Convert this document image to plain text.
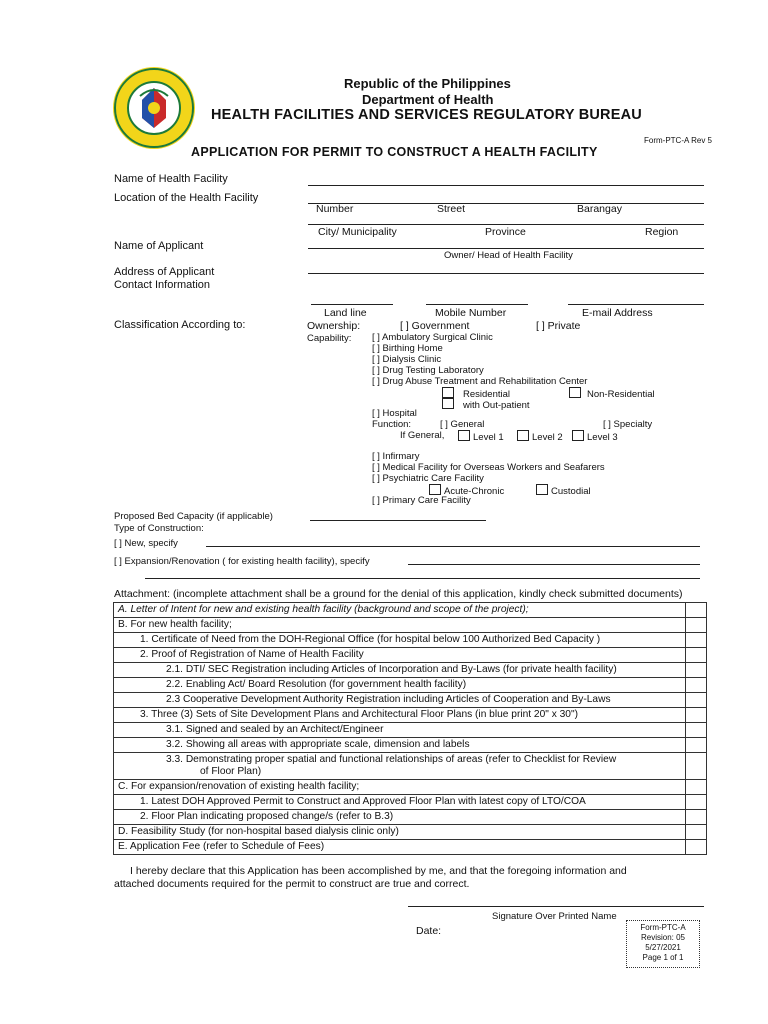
Republic of the Philippines
Department of Health
HEALTH FACILITIES AND SERVICES REGULATORY BUREAU
Form-PTC-A Rev 5
APPLICATION FOR PERMIT TO CONSTRUCT A HEALTH FACILITY
Name of Health Facility
Location of the Health Facility
Number	Street	Barangay
City/ Municipality	Province	Region
Name of Applicant
Owner/ Head of Health Facility
Address of Applicant
Contact Information
Land line	Mobile Number	E-mail Address
Classification According to:	Ownership:	[ ] Government	[ ] Private
Capability: [ ] Ambulatory Surgical Clinic
[ ] Birthing Home
[ ] Dialysis Clinic
[ ] Drug Testing Laboratory
[ ] Drug Abuse Treatment and Rehabilitation Center
Residential	Non-Residential
with Out-patient
[ ] Hospital
Function:	[ ] General	[ ] Specialty
If General,	Level 1	Level 2	Level 3
[ ] Infirmary
[ ] Medical Facility for Overseas Workers and Seafarers
[ ] Psychiatric Care Facility
Acute-Chronic	Custodial
[ ] Primary Care Facility
Proposed Bed Capacity (if applicable)
Type of Construction:
[ ] New, specify
[ ] Expansion/Renovation ( for existing health facility), specify
Attachment: (incomplete attachment shall be a ground for the denial of this application, kindly check submitted documents)
A. Letter of Intent for new and existing health facility (background and scope of the project);	
B. For new health facility;	
1. Certificate of Need from the DOH-Regional Office (for hospital below 100 Authorized Bed Capacity )	
2. Proof of Registration of Name of Health Facility	
2.1. DTI/ SEC Registration including Articles of Incorporation and By-Laws (for private health facility)	
2.2. Enabling Act/ Board Resolution (for government health facility)	
2.3 Cooperative Development Authority Registration including Articles of Cooperation and By-Laws	
3. Three (3) Sets of Site Development Plans and Architectural Floor Plans (in blue print 20" x 30")	
3.1. Signed and sealed by an Architect/Engineer	
3.2. Showing all areas with appropriate scale, dimension and labels	
3.3. Demonstrating proper spatial and functional relationships of areas (refer to Checklist for Review
of Floor Plan)	
C. For expansion/renovation of existing health facility;	
1. Latest DOH Approved Permit to Construct and Approved Floor Plan with latest copy of LTO/COA	
2. Floor Plan indicating proposed change/s (refer to B.3)	
D. Feasibility Study (for non-hospital based dialysis clinic only)	
E. Application Fee (refer to Schedule of Fees)	
I hereby declare that this Application has been accomplished by me, and that the foregoing information and
attached documents required for the permit to construct are true and correct.
Signature Over Printed Name
Date:	Form-PTC-A
Revision: 05
5/27/2021
Page 1 of 1
